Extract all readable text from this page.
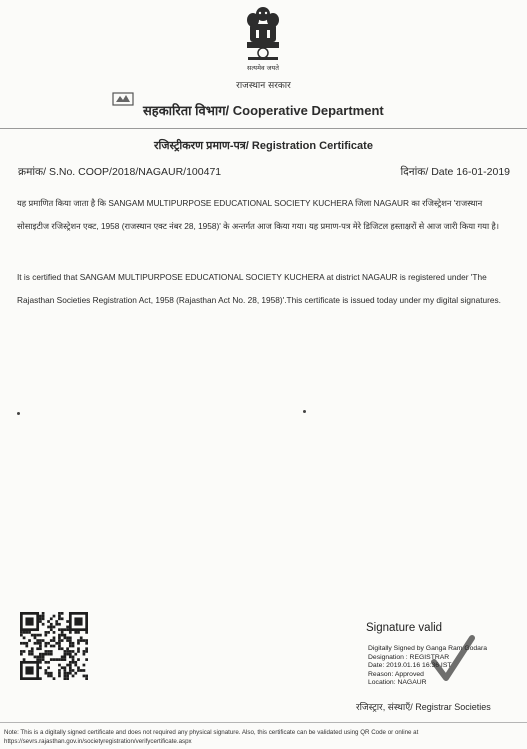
सत्यमेव जयते
राजस्थान सरकार
सहकारिता विभाग/ Cooperative Department
रजिस्ट्रीकरण प्रमाण-पत्र/ Registration Certificate
क्रमांक/ S.No. COOP/2018/NAGAUR/100471	दिनांक/ Date 16-01-2019
यह प्रमाणित किया जाता है कि SANGAM MULTIPURPOSE EDUCATIONAL SOCIETY KUCHERA जिला NAGAUR का रजिस्ट्रेशन 'राजस्थान सोसाइटीज रजिस्ट्रेशन एक्ट, 1958 (राजस्थान एक्ट नंबर 28, 1958)' के अन्तर्गत आज किया गया। यह प्रमाण-पत्र मेरे डिजिटल हस्ताक्षरों से आज जारी किया गया है।
It is certified that SANGAM MULTIPURPOSE EDUCATIONAL SOCIETY KUCHERA at district NAGAUR is registered under 'The Rajasthan Societies Registration Act, 1958 (Rajasthan Act No. 28, 1958)'.This certificate is issued today under my digital signatures.
Signature valid
Digitally Signed by Ganga Ram Godara
Designation : REGISTRAR
Date: 2019.01.16 16:36 IST
Reason: Approved
Location: NAGAUR
रजिस्ट्रार, संस्थाएँ/ Registrar Societies
Note: This is a digitally signed certificate and does not required any physical signature. Also, this certificate can be validated using QR Code or online at
https://sevrs.rajasthan.gov.in/societyregistration/verifycertificate.aspx
